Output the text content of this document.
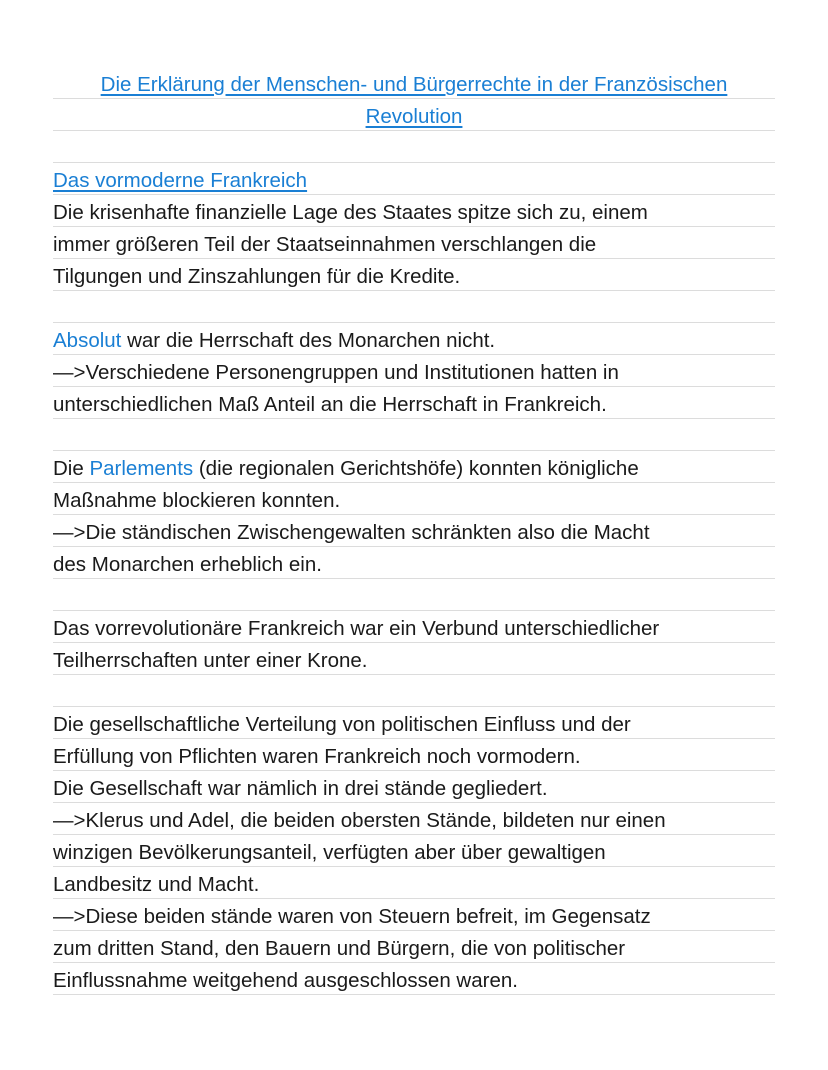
Die Erklärung der Menschen- und Bürgerrechte in der Französischen
Revolution
Das vormoderne Frankreich
Die krisenhafte finanzielle Lage des Staates spitze sich zu, einem
immer größeren Teil der Staatseinnahmen verschlangen die
Tilgungen und Zinszahlungen für die Kredite.
Absolut war die Herrschaft des Monarchen nicht.
—>Verschiedene Personengruppen und Institutionen hatten in
unterschiedlichen Maß Anteil an die Herrschaft in Frankreich.
Die Parlements (die regionalen Gerichtshöfe) konnten königliche
Maßnahme blockieren konnten.
—>Die ständischen Zwischengewalten schränkten also die Macht
des Monarchen erheblich ein.
Das vorrevolutionäre Frankreich war ein Verbund unterschiedlicher
Teilherrschaften unter einer Krone.
Die gesellschaftliche Verteilung von politischen Einfluss und der
Erfüllung von Pflichten waren Frankreich noch vormodern.
Die Gesellschaft war nämlich in drei stände gegliedert.
—>Klerus und Adel, die beiden obersten Stände, bildeten nur einen
winzigen Bevölkerungsanteil, verfügten aber über gewaltigen
Landbesitz und Macht.
—>Diese beiden stände waren von Steuern befreit, im Gegensatz
zum dritten Stand, den Bauern und Bürgern, die von politischer
Einflussnahme weitgehend ausgeschlossen waren.
